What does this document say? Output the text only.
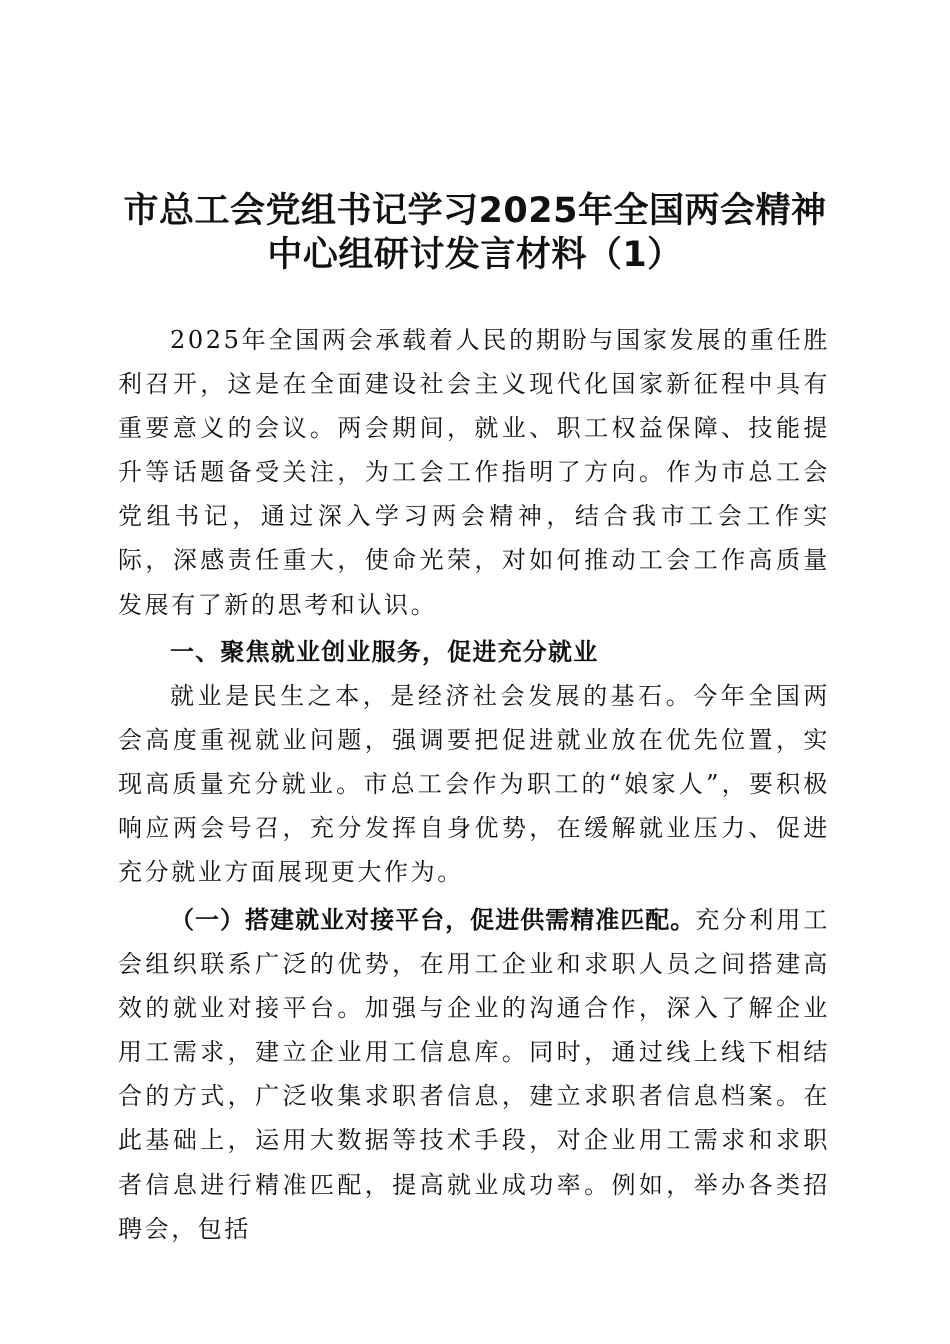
市总工会党组书记学习2025年全国两会精神
中心组研讨发言材料（1）

2025年全国两会承载着人民的期盼与国家发展的重任胜利召开，这是在全面建设社会主义现代化国家新征程中具有重要意义的会议。两会期间，就业、职工权益保障、技能提升等话题备受关注，为工会工作指明了方向。作为市总工会党组书记，通过深入学习两会精神，结合我市工会工作实际，深感责任重大，使命光荣，对如何推动工会工作高质量发展有了新的思考和认识。

一、聚焦就业创业服务，促进充分就业

就业是民生之本，是经济社会发展的基石。今年全国两会高度重视就业问题，强调要把促进就业放在优先位置，实现高质量充分就业。市总工会作为职工的“娘家人”，要积极响应两会号召，充分发挥自身优势，在缓解就业压力、促进充分就业方面展现更大作为。

（一）搭建就业对接平台，促进供需精准匹配。充分利用工会组织联系广泛的优势，在用工企业和求职人员之间搭建高效的就业对接平台。加强与企业的沟通合作，深入了解企业用工需求，建立企业用工信息库。同时，通过线上线下相结合的方式，广泛收集求职者信息，建立求职者信息档案。在此基础上，运用大数据等技术手段，对企业用工需求和求职者信息进行精准匹配，提高就业成功率。例如，举办各类招聘会，包括
